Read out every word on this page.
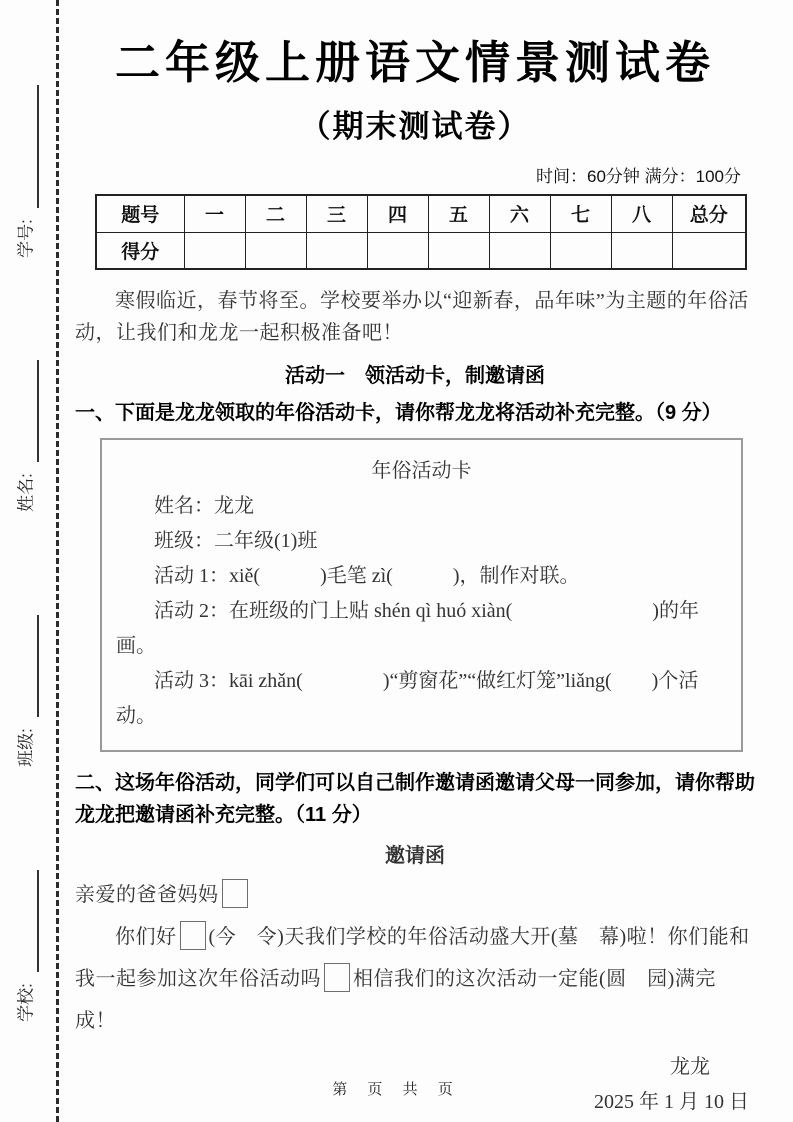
学号:
姓名:
班级:
学校:
二年级上册语文情景测试卷
（期末测试卷）
时间：60分钟 满分：100分
题号	一	二	三	四	五	六	七	八	总分
得分									

寒假临近，春节将至。学校要举办以“迎新春，品年味”为主题的年俗活动，让我们和龙龙一起积极准备吧！

活动一　领活动卡，制邀请函

一、下面是龙龙领取的年俗活动卡，请你帮龙龙将活动补充完整。（9 分）

年俗活动卡

姓名：龙龙

班级：二年级(1)班

活动 1：xiě(　　　)毛笔 zì(　　　)，制作对联。

活动 2：在班级的门上贴 shén qì huó xiàn(　　　　　　　)的年画。

活动 3：kāi zhǎn(　　　　)“剪窗花”“做红灯笼”liǎng(　　)个活动。

二、这场年俗活动，同学们可以自己制作邀请函邀请父母一同参加，请你帮助龙龙把邀请函补充完整。（11 分）

邀请函

亲爱的爸爸妈妈

你们好 (今　令)天我们学校的年俗活动盛大开(墓　幕)啦！你们能和我一起参加这次年俗活动吗 相信我们的这次活动一定能(圆　园)满完成！

龙龙
2025 年 1 月 10 日
第 页 共 页
